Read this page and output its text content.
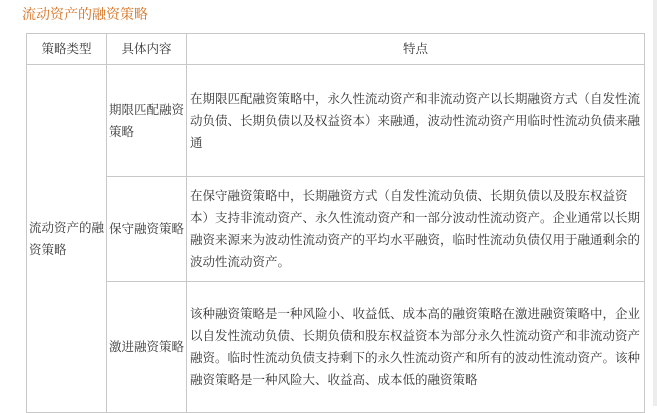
流动资产的融资策略
策略类型	具体内容	特点
流动资产的融资策略	期限匹配融资策略	在期限匹配融资策略中，永久性流动资产和非流动资产以长期融资方式（自发性流动负债、长期负债以及权益资本）来融通，波动性流动资产用临时性流动负债来融通
	保守融资策略	在保守融资策略中，长期融资方式（自发性流动负债、长期负债以及股东权益资本）支持非流动资产、永久性流动资产和一部分波动性流动资产。企业通常以长期融资来源来为波动性流动资产的平均水平融资，临时性流动负债仅用于融通剩余的波动性流动资产。
	激进融资策略	该种融资策略是一种风险小、收益低、成本高的融资策略在激进融资策略中，企业以自发性流动负债、长期负债和股东权益资本为部分永久性流动资产和非流动资产融资。临时性流动负债支持剩下的永久性流动资产和所有的波动性流动资产。该种融资策略是一种风险大、收益高、成本低的融资策略
